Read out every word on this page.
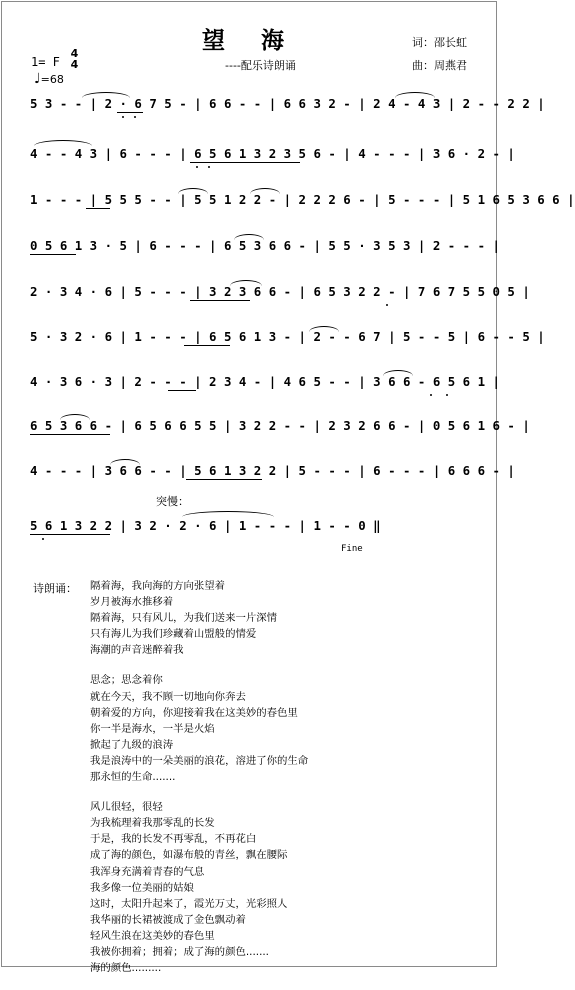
望 海	词：邵长虹
----配乐诗朗诵	曲：周燕君
1= F
4
4
♩=68
5 3 - - | 2 · 6 7 5 - | 6 6 - - | 6 6 3 2 - | 2 4 - 4 3 | 2 - - 2 2 |
4 - - 4 3 | 6 - - - | 6 5 6 1 3 2 3 5 6 - | 4 - - - | 3 6 · 2 - |
1 - - - | 5 5 5 - - | 5 5 1 2 2 - | 2 2 2 6 - | 5 - - - | 5 1 6 5 3 6 6 |
0 5 6 1 3 · 5 | 6 - - - | 6 5 3 6 6 - | 5 5 · 3 5 3 | 2 - - - |
2 · 3 4 · 6 | 5 - - - | 3 2 3 6 6 - | 6 5 3 2 2 - | 7 6 7 5 5 0 5 |
5 · 3 2 · 6 | 1 - - - | 6 5 6 1 3 - | 2 - - 6 7 | 5 - - 5 | 6 - - 5 |
4 · 3 6 · 3 | 2 - - - | 2 3 4 - | 4 6 5 - - | 3 6 6 - 6 5 6 1 |
6 5 3 6 6 - | 6 5 6 6 5 5 | 3 2 2 - - | 2 3 2 6 6 - | 0 5 6 1 6 - |
4 - - - | 3 6 6 - - | 5 6 1 3 2 2 | 5 - - - | 6 - - - | 6 6 6 - |
5 6 1 3 2 2 | 3 2 · 2 · 6 | 1 - - - | 1 - - 0 ‖
突慢：
Fine
诗朗诵： 隔着海，我向海的方向张望着
岁月被海水推移着
隔着海，只有风儿，为我们送来一片深情
只有海儿为我们珍藏着山盟般的情爱
海潮的声音迷醉着我
思念；思念着你
就在今天，我不顾一切地向你奔去
朝着爱的方向，你迎接着我在这美妙的春色里
你一半是海水，一半是火焰
掀起了九级的浪涛
我是浪涛中的一朵美丽的浪花，溶进了你的生命
那永恒的生命.......
风儿很轻，很轻
为我梳理着我那零乱的长发
于是，我的长发不再零乱，不再花白
成了海的颜色，如瀑布般的青丝，飘在腰际
我浑身充满着青春的气息
我多像一位美丽的姑娘
这时，太阳升起来了，霞光万丈，光彩照人
我华丽的长裙被渡成了金色飘动着
轻风生浪在这美妙的春色里
我被你拥着；拥着；成了海的颜色.......
海的颜色.........
